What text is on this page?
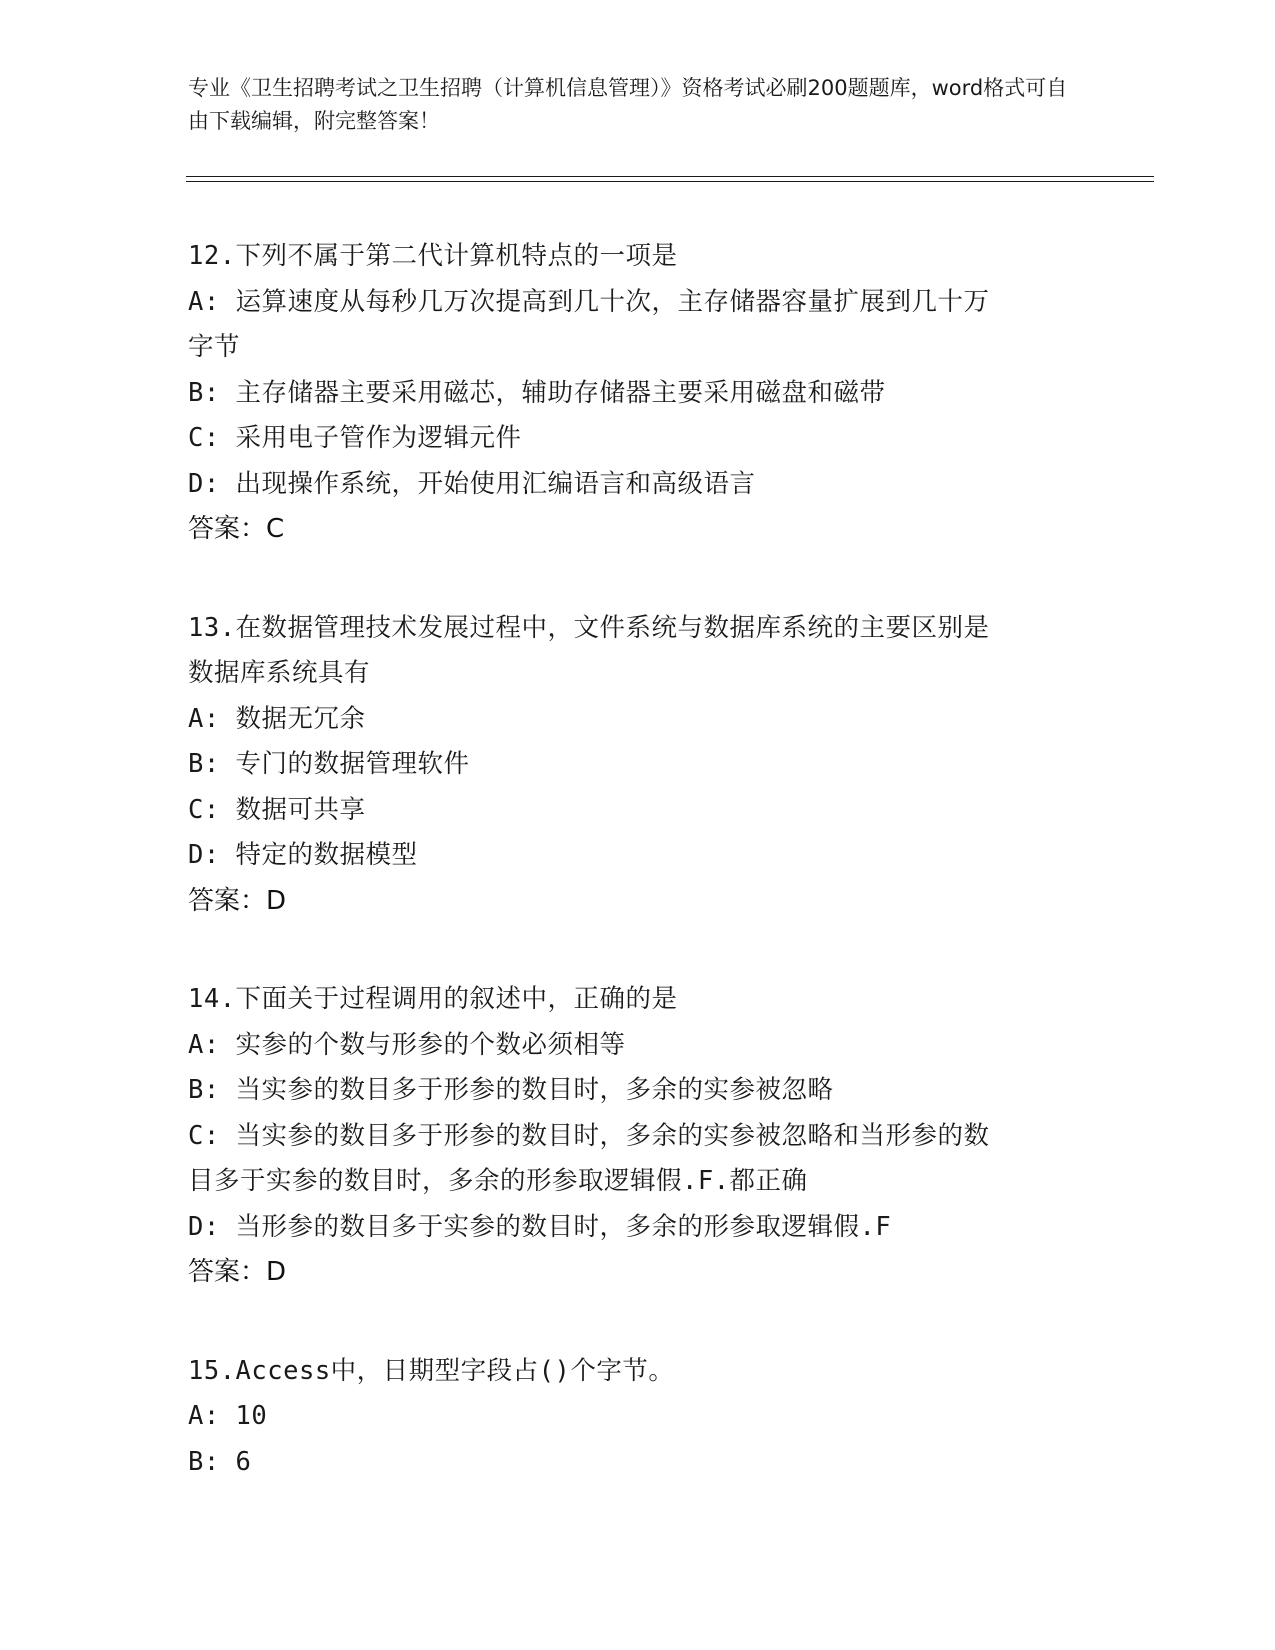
专业《卫生招聘考试之卫生招聘（计算机信息管理）》资格考试必刷200题题库，word格式可自由下载编辑，附完整答案！
12.下列不属于第二代计算机特点的一项是
A: 运算速度从每秒几万次提高到几十次，主存储器容量扩展到几十万
字节
B: 主存储器主要采用磁芯，辅助存储器主要采用磁盘和磁带
C: 采用电子管作为逻辑元件
D: 出现操作系统，开始使用汇编语言和高级语言
答案：C
13.在数据管理技术发展过程中，文件系统与数据库系统的主要区别是
数据库系统具有
A: 数据无冗余
B: 专门的数据管理软件
C: 数据可共享
D: 特定的数据模型
答案：D
14.下面关于过程调用的叙述中，正确的是
A: 实参的个数与形参的个数必须相等
B: 当实参的数目多于形参的数目时，多余的实参被忽略
C: 当实参的数目多于形参的数目时，多余的实参被忽略和当形参的数
目多于实参的数目时，多余的形参取逻辑假.F.都正确
D: 当形参的数目多于实参的数目时，多余的形参取逻辑假.F
答案：D
15.Access中，日期型字段占()个字节。
A: 10
B: 6
